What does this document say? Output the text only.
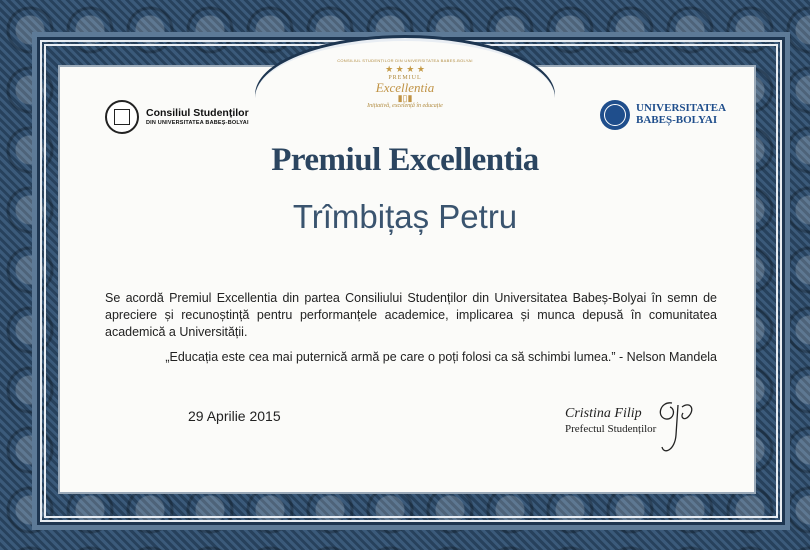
Consiliul Studenților
DIN UNIVERSITATEA BABEȘ-BOLYAI
CONSILIUL STUDENȚILOR DIN UNIVERSITATEA BABEȘ-BOLYAI
★ ★ ★ ★
PREMIUL
Excellentia
▮▯▮
Inițiativă, excelență în educație	UNIVERSITATEA
BABEȘ-BOLYAI
Premiul Excellentia
Trîmbițaș Petru
Se acordă Premiul Excellentia din partea Consiliului Studenților din Universitatea Babeș-Bolyai în semn de apreciere și recunoștință pentru performanțele academice, implicarea și munca depusă în comunitatea academică a Universității.
„Educația este cea mai puternică armă pe care o poți folosi ca să schimbi lumea.” - Nelson Mandela
29 Aprilie 2015	Cristina Filip
Prefectul Studenților
